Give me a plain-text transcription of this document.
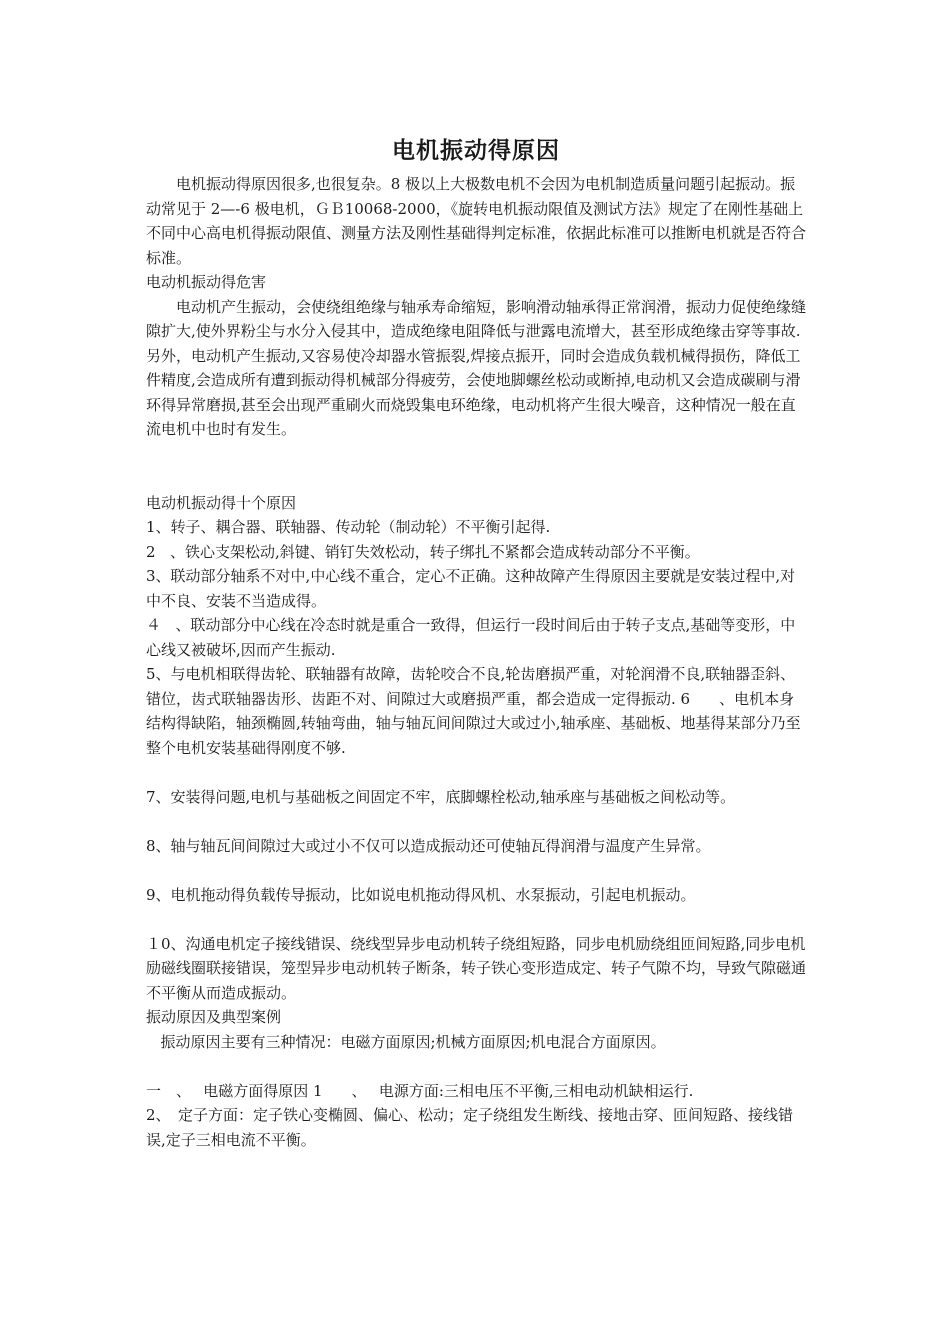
电机振动得原因

电机振动得原因很多,也很复杂。8 极以上大极数电机不会因为电机制造质量问题引起振动。振动常见于 2—-6 极电机，ＧＢ10068-2000，《旋转电机振动限值及测试方法》规定了在刚性基础上不同中心高电机得振动限值、测量方法及刚性基础得判定标准，依据此标准可以推断电机就是否符合标准。

电动机振动得危害ﾠ

电动机产生振动，会使绕组绝缘与轴承寿命缩短，影响滑动轴承得正常润滑，振动力促使绝缘缝隙扩大,使外界粉尘与水分入侵其中，造成绝缘电阻降低与泄露电流增大，甚至形成绝缘击穿等事故.另外，电动机产生振动,又容易使冷却器水管振裂,焊接点振开，同时会造成负载机械得损伤，降低工件精度,会造成所有遭到振动得机械部分得疲劳，会使地脚螺丝松动或断掉,电动机又会造成碳刷与滑环得异常磨损,甚至会出现严重刷火而烧毁集电环绝缘，电动机将产生很大噪音，这种情况一般在直流电机中也时有发生。

电动机振动得十个原因ﾠ

1、转子、耦合器、联轴器、传动轮（制动轮）不平衡引起得.

2ﾠ、铁心支架松动,斜键、销钉失效松动，转子绑扎不紧都会造成转动部分不平衡。ﾠ

3、联动部分轴系不对中,中心线不重合，定心不正确。这种故障产生得原因主要就是安装过程中,对中不良、安装不当造成得。

４ﾠ、联动部分中心线在冷态时就是重合一致得，但运行一段时间后由于转子支点,基础等变形，中心线又被破坏,因而产生振动.ﾠ

5、与电机相联得齿轮、联轴器有故障，齿轮咬合不良,轮齿磨损严重，对轮润滑不良,联轴器歪斜、错位，齿式联轴器齿形、齿距不对、间隙过大或磨损严重，都会造成一定得振动. 6ﾠﾠ、电机本身结构得缺陷，轴颈椭圆,转轴弯曲，轴与轴瓦间间隙过大或过小,轴承座、基础板、地基得某部分乃至整个电机安装基础得刚度不够.

7、安装得问题,电机与基础板之间固定不牢，底脚螺栓松动,轴承座与基础板之间松动等。

8、轴与轴瓦间间隙过大或过小不仅可以造成振动还可使轴瓦得润滑与温度产生异常。

9、电机拖动得负载传导振动，比如说电机拖动得风机、水泵振动，引起电机振动。

１0、沟通电机定子接线错误、绕线型异步电动机转子绕组短路，同步电机励绕组匝间短路,同步电机励磁线圈联接错误，笼型异步电动机转子断条，转子铁心变形造成定、转子气隙不均，导致气隙磁通不平衡从而造成振动。ﾠﾠ

振动原因及典型案例

ﾠ振动原因主要有三种情况：电磁方面原因;机械方面原因;机电混合方面原因。

一　、　 电磁方面得原因 1ﾠﾠ、　 电源方面:三相电压不平衡,三相电动机缺相运行. ﾠﾠ

2、　定子方面：定子铁心变椭圆、偏心、松动；定子绕组发生断线、接地击穿、匝间短路、接线错误,定子三相电流不平衡。
